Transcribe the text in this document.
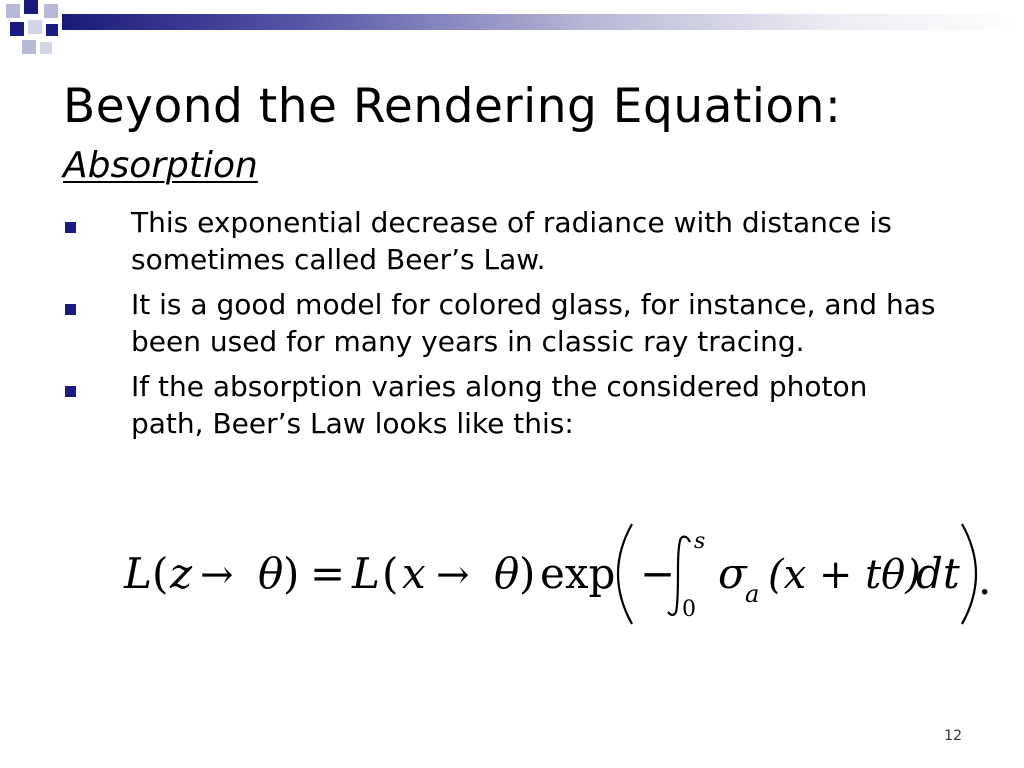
Beyond the Rendering Equation:
Absorption
This exponential decrease of radiance with distance is sometimes called Beer’s Law.
It is a good model for colored glass, for instance, and has been used for many years in classic ray tracing.
If the absorption varies along the considered photon path, Beer’s Law looks like this:
L ( z → θ ) = L ( x → θ ) exp −
s
0
σ
a (x + tθ)
dt .
12
